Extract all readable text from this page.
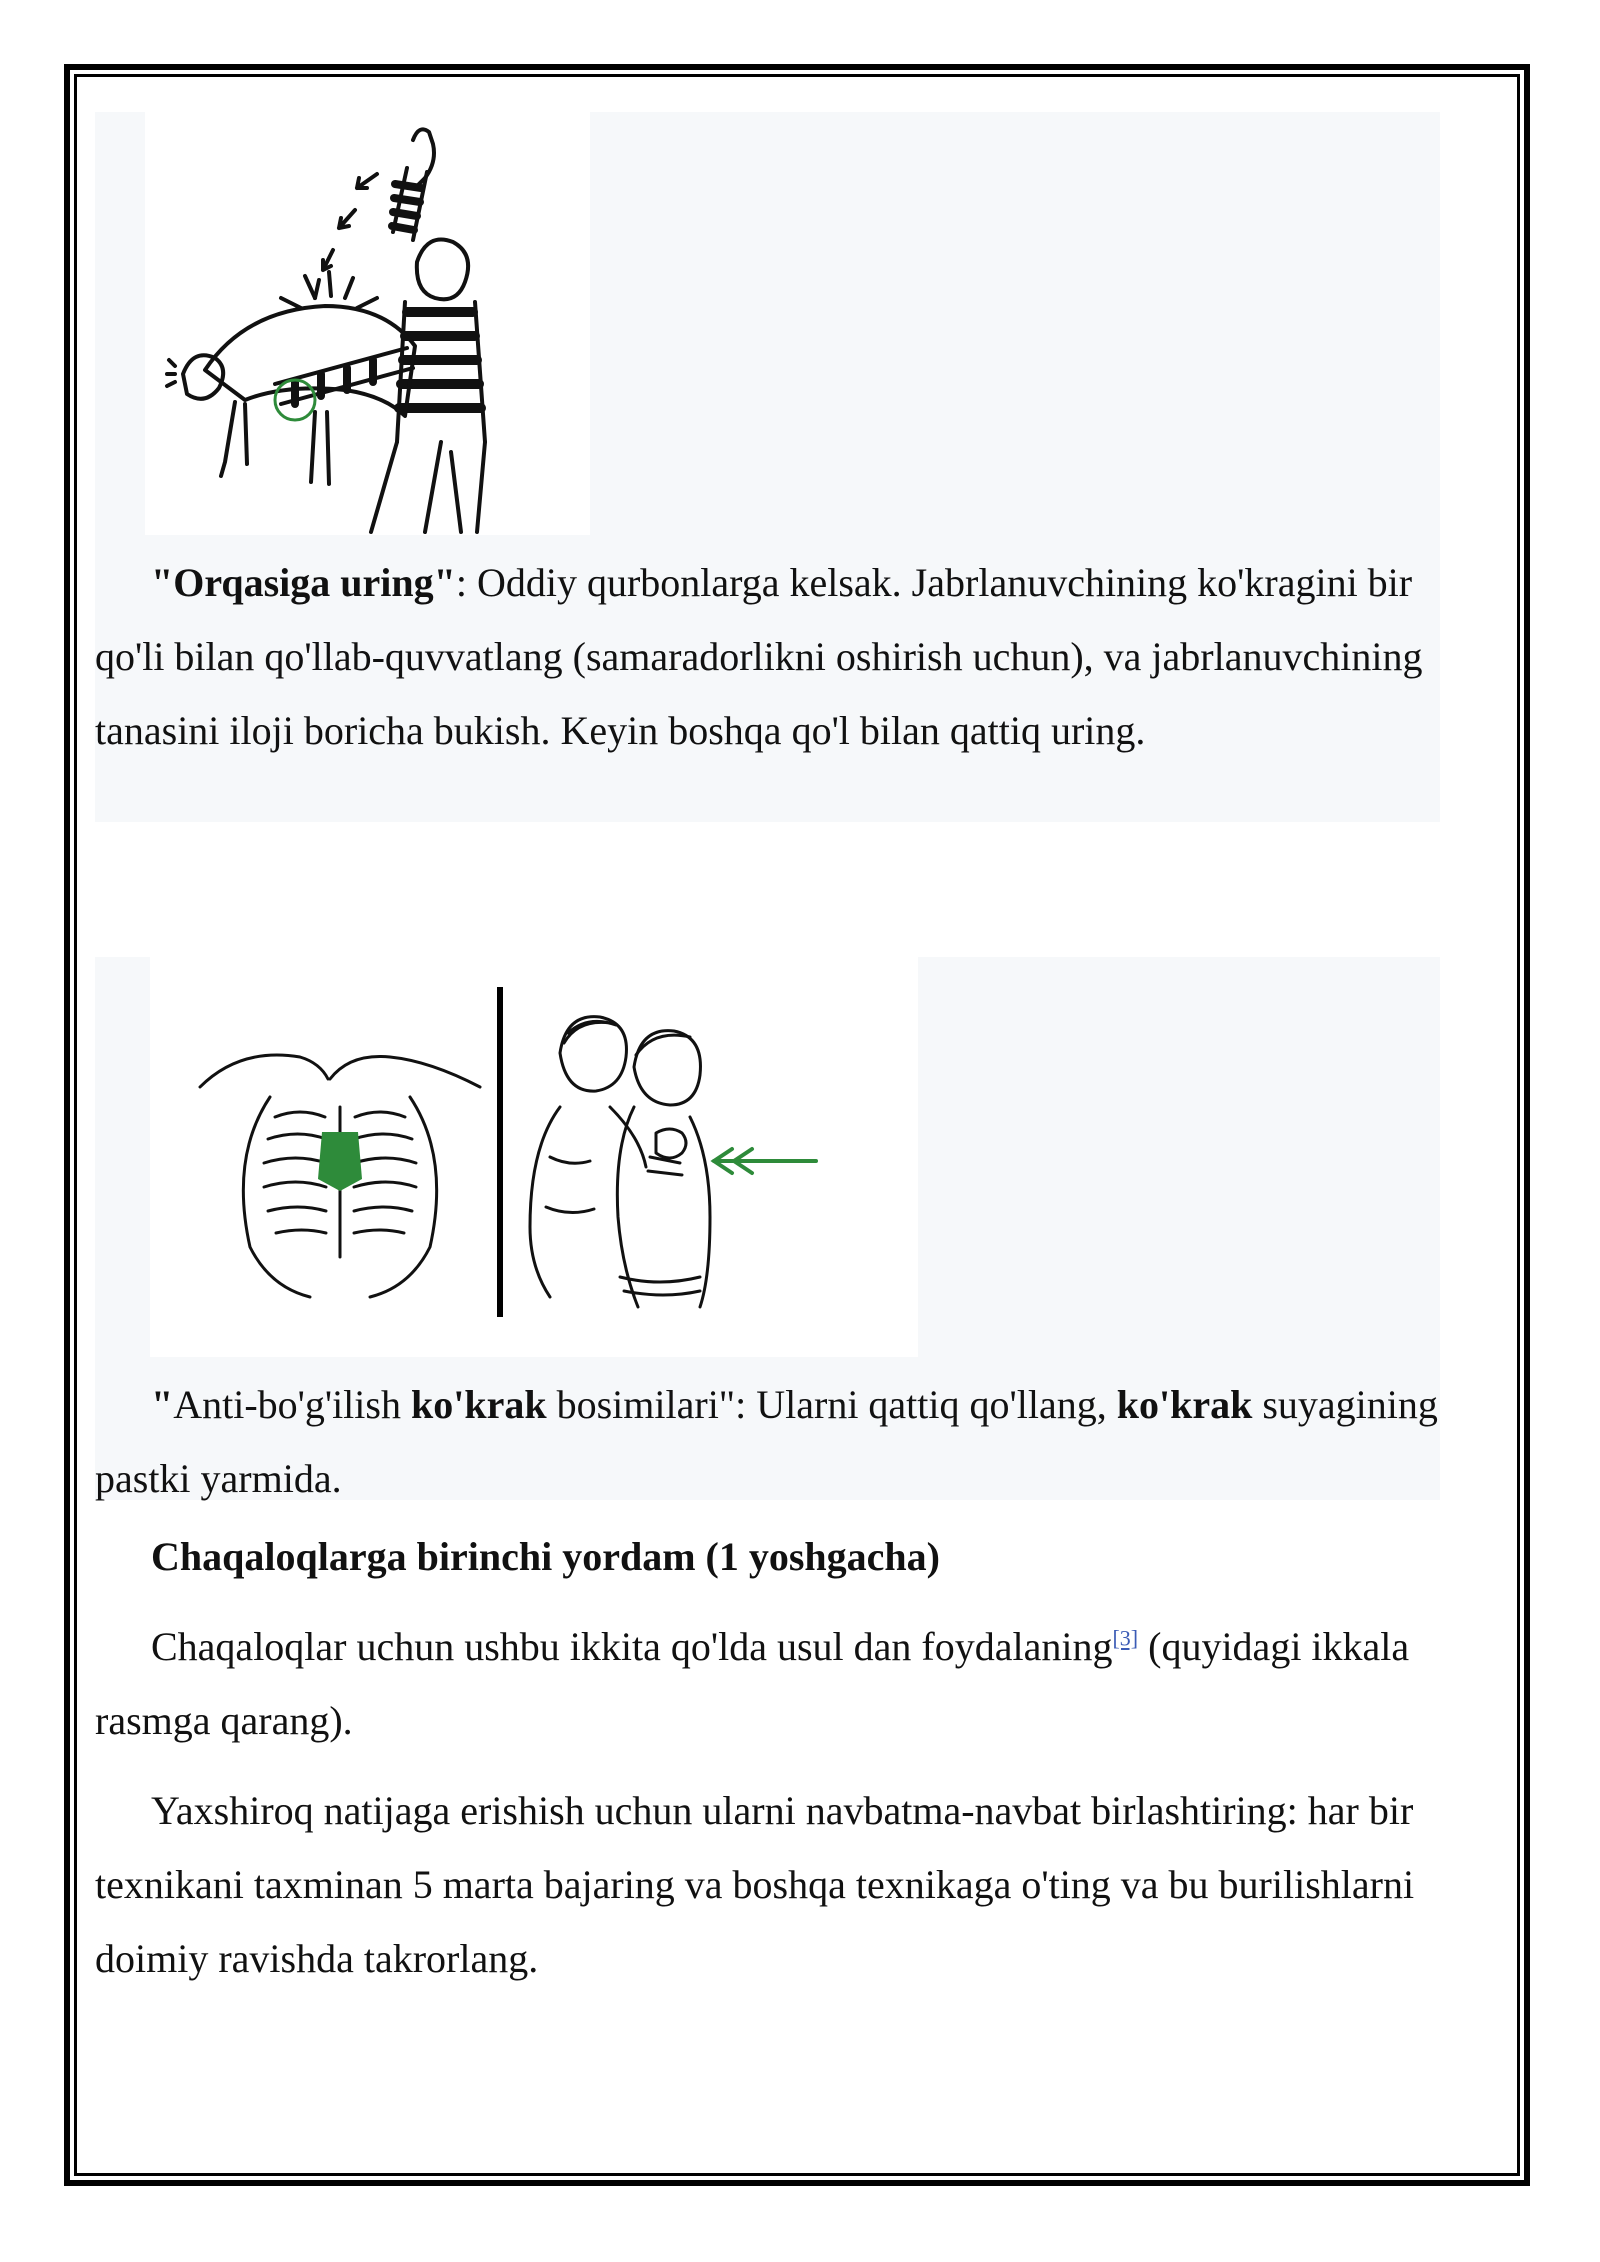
"Orqasiga uring": Oddiy qurbonlarga kelsak. Jabrlanuvchining ko'kragini bir qo'li bilan qo'llab-quvvatlang (samaradorlikni oshirish uchun), va jabrlanuvchining tanasini iloji boricha bukish. Keyin boshqa qo'l bilan qattiq uring.

"Anti-bo'g'ilish ko'krak bosimilari": Ularni qattiq qo'llang, ko'krak suyagining pastki yarmida.

Chaqaloqlarga birinchi yordam (1 yoshgacha)

Chaqaloqlar uchun ushbu ikkita qo'lda usul dan foydalaning[3] (quyidagi ikkala rasmga qarang).

Yaxshiroq natijaga erishish uchun ularni navbatma-navbat birlashtiring: har bir texnikani taxminan 5 marta bajaring va boshqa texnikaga o'ting va bu burilishlarni doimiy ravishda takrorlang.
